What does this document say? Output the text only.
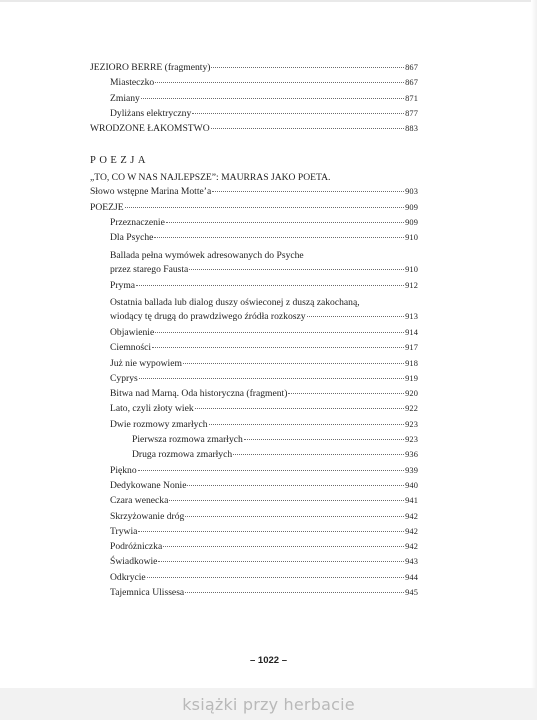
JEZIORO BERRE (fragmenty)	867
Miasteczko	867
Zmiany	871
Dyliżans elektryczny	877
WRODZONE ŁAKOMSTWO	883
POEZJA
„TO, CO W NAS NAJLEPSZE”: MAURRAS JAKO POETA.
Słowo wstępne Marina Motte’a	903
POEZJE	909
Przeznaczenie	909
Dla Psyche	910
Ballada pełna wymówek adresowanych do Psyche
przez starego Fausta	910
Pryma	912
Ostatnia ballada lub dialog duszy oświeconej z duszą zakochaną,
wiodący tę drugą do prawdziwego źródła rozkoszy	913
Objawienie	914
Ciemności	917
Już nie wypowiem	918
Cyprys	919
Bitwa nad Marną. Oda historyczna (fragment)	920
Lato, czyli złoty wiek	922
Dwie rozmowy zmarłych	923
Pierwsza rozmowa zmarłych	923
Druga rozmowa zmarłych	936
Piękno	939
Dedykowane Nonie	940
Czara wenecka	941
Skrzyżowanie dróg	942
Trywia	942
Podróżniczka	942
Świadkowie	943
Odkrycie	944
Tajemnica Ulissesa	945
– 1022 –
książki przy herbacie
